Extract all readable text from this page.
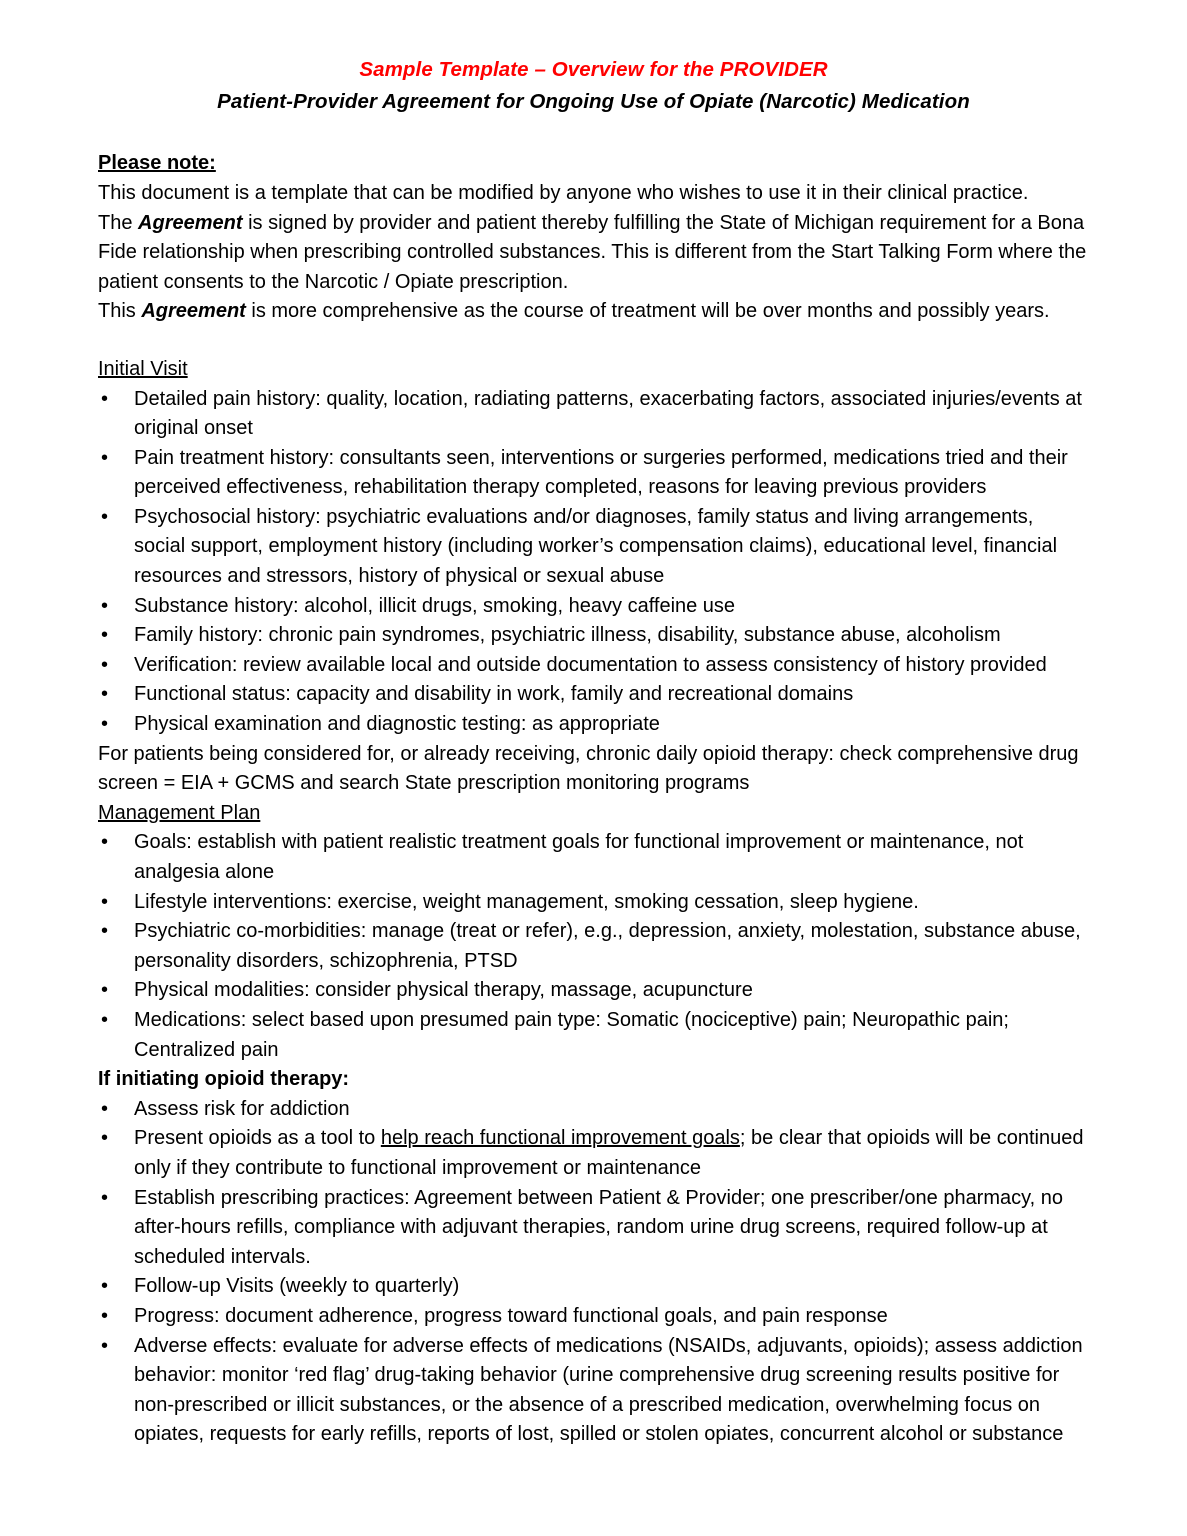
Sample Template – Overview for the PROVIDER
Patient-Provider Agreement for Ongoing Use of Opiate (Narcotic) Medication

Please note:

This document is a template that can be modified by anyone who wishes to use it in their clinical practice.

The Agreement is signed by provider and patient thereby fulfilling the State of Michigan requirement for a Bona Fide relationship when prescribing controlled substances. This is different from the Start Talking Form where the patient consents to the Narcotic / Opiate prescription.

This Agreement is more comprehensive as the course of treatment will be over months and possibly years.

Initial Visit
• Detailed pain history: quality, location, radiating patterns, exacerbating factors, associated injuries/events at original onset
• Pain treatment history: consultants seen, interventions or surgeries performed, medications tried and their perceived effectiveness, rehabilitation therapy completed, reasons for leaving previous providers
• Psychosocial history: psychiatric evaluations and/or diagnoses, family status and living arrangements, social support, employment history (including worker’s compensation claims), educational level, financial resources and stressors, history of physical or sexual abuse
• Substance history: alcohol, illicit drugs, smoking, heavy caffeine use
• Family history: chronic pain syndromes, psychiatric illness, disability, substance abuse, alcoholism
• Verification: review available local and outside documentation to assess consistency of history provided
• Functional status: capacity and disability in work, family and recreational domains
• Physical examination and diagnostic testing: as appropriate

For patients being considered for, or already receiving, chronic daily opioid therapy: check comprehensive drug screen = EIA + GCMS and search State prescription monitoring programs

Management Plan
• Goals: establish with patient realistic treatment goals for functional improvement or maintenance, not analgesia alone
• Lifestyle interventions: exercise, weight management, smoking cessation, sleep hygiene.
• Psychiatric co-morbidities: manage (treat or refer), e.g., depression, anxiety, molestation, substance abuse, personality disorders, schizophrenia, PTSD
• Physical modalities: consider physical therapy, massage, acupuncture
• Medications: select based upon presumed pain type: Somatic (nociceptive) pain; Neuropathic pain; Centralized pain

If initiating opioid therapy:

• Assess risk for addiction
• Present opioids as a tool to help reach functional improvement goals; be clear that opioids will be continued only if they contribute to functional improvement or maintenance
• Establish prescribing practices: Agreement between Patient & Provider; one prescriber/one pharmacy, no after-hours refills, compliance with adjuvant therapies, random urine drug screens, required follow-up at scheduled intervals.
• Follow-up Visits (weekly to quarterly)
• Progress: document adherence, progress toward functional goals, and pain response
• Adverse effects: evaluate for adverse effects of medications (NSAIDs, adjuvants, opioids); assess addiction behavior: monitor ‘red flag’ drug-taking behavior (urine comprehensive drug screening results positive for non-prescribed or illicit substances, or the absence of a prescribed medication, overwhelming focus on opiates, requests for early refills, reports of lost, spilled or stolen opiates, concurrent alcohol or substance
